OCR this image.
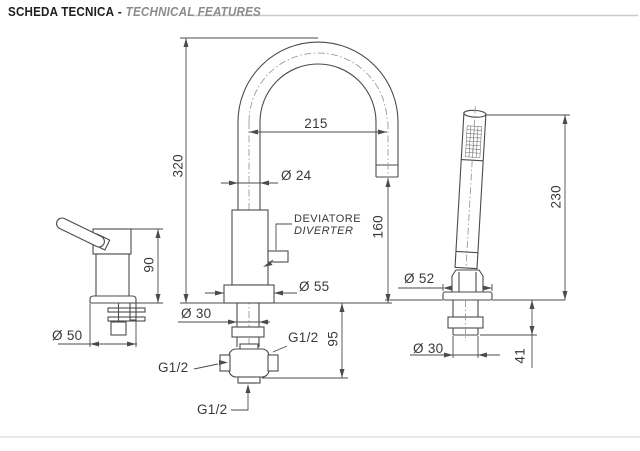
SCHEDA TECNICA - TECHNICAL FEATURES
90
Ø 50
320
215
Ø 24
DEVIATORE
DIVERTER 160
Ø 55
Ø 30
95
G1/2
G1/2
G1/2
230
Ø 52
Ø 30	41
